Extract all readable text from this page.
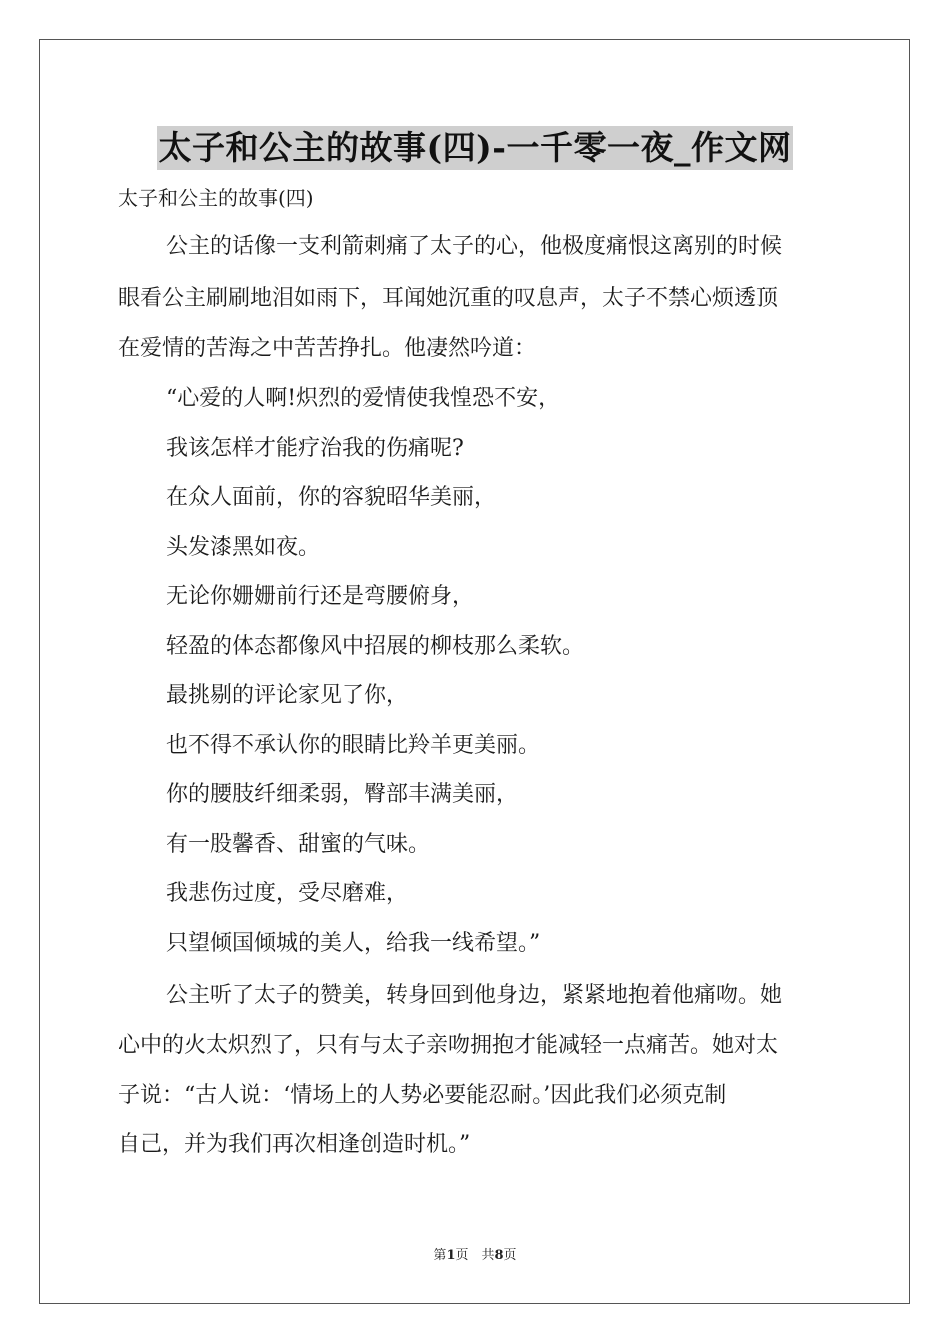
太子和公主的故事(四)-一千零一夜_作文网
太子和公主的故事(四)
公主的话像一支利箭刺痛了太子的心，他极度痛恨这离别的时候
眼看公主刷刷地泪如雨下，耳闻她沉重的叹息声，太子不禁心烦透顶
在爱情的苦海之中苦苦挣扎。他凄然吟道：
“心爱的人啊!炽烈的爱情使我惶恐不安，
我该怎样才能疗治我的伤痛呢?
在众人面前，你的容貌昭华美丽，
头发漆黑如夜。
无论你姗姗前行还是弯腰俯身，
轻盈的体态都像风中招展的柳枝那么柔软。
最挑剔的评论家见了你，
也不得不承认你的眼睛比羚羊更美丽。
你的腰肢纤细柔弱，臀部丰满美丽，
有一股馨香、甜蜜的气味。
我悲伤过度，受尽磨难，
只望倾国倾城的美人，给我一线希望。”
公主听了太子的赞美，转身回到他身边，紧紧地抱着他痛吻。她
心中的火太炽烈了，只有与太子亲吻拥抱才能减轻一点痛苦。她对太
子说：“古人说：‘情场上的人势必要能忍耐。’因此我们必须克制
自己，并为我们再次相逢创造时机。”
第1页　共8页
